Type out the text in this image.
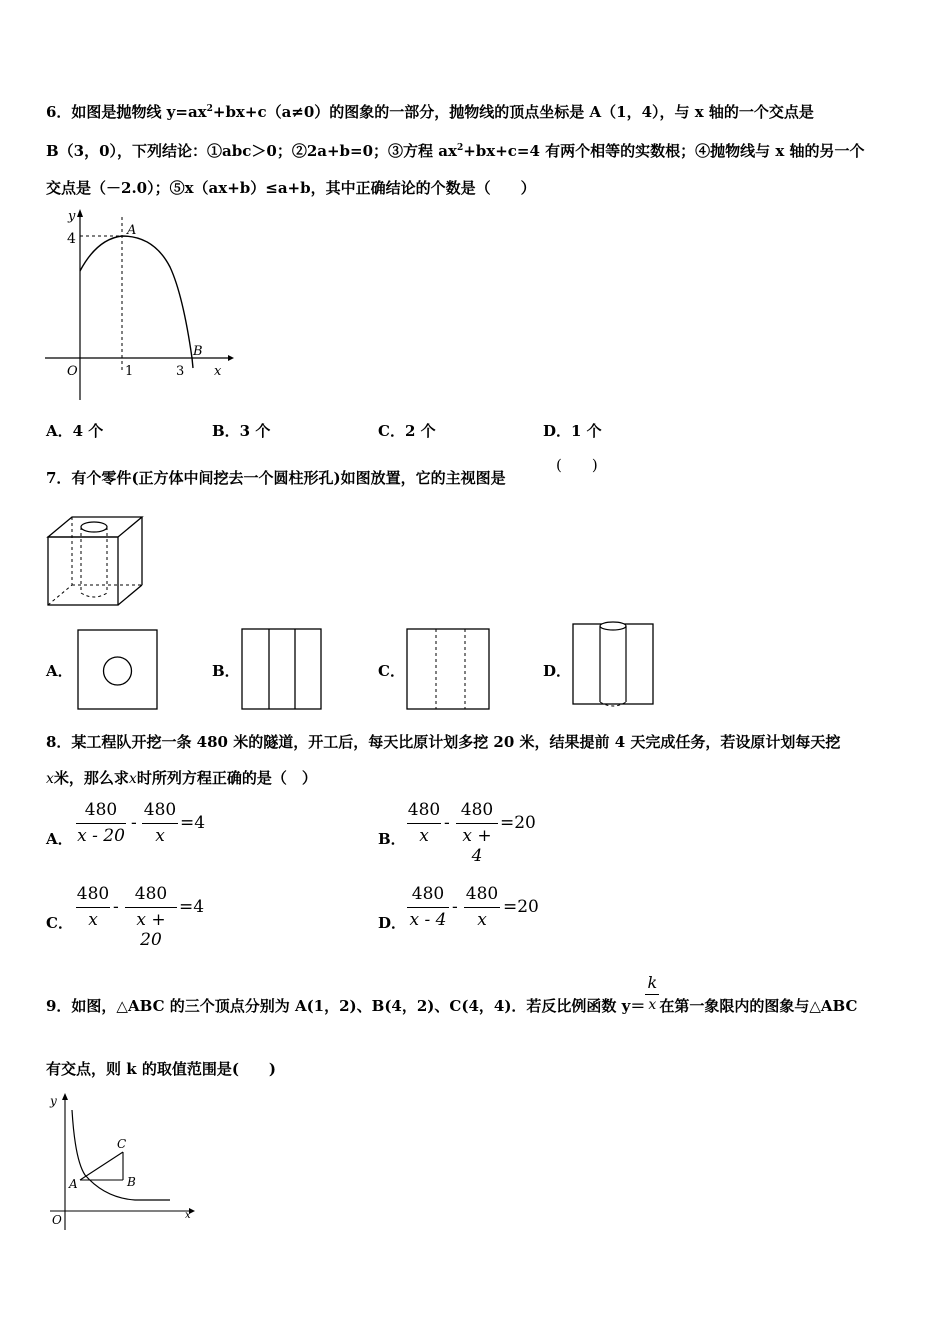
6．如图是抛物线 $y=ax^2+bx+c(a\ne 0)$的图象的一部分，抛物线的顶点坐标是 A（1，4），与 x 轴的一个交点是
B（3，0），下列结论：①abc＞0；②2a+b=0；③方程 $ax^2+bx+c=4$ 有两个相等的实数根；④抛物线与 x 轴的另一个
交点是（－2.0）；⑤x（ax+b）≤a+b，其中正确结论的个数是（　　）
y
4
A
B
O	1	3 x
A．4 个	B．3 个	C．2 个	D．1 个
7．有个零件(正方体中间挖去一个圆柱形孔)如图放置，它的主视图是
(　　)
A．	B．	C．	D．
8．某工程队开挖一条 480 米的隧道，开工后，每天比原计划多挖 20 米，结果提前 4 天完成任务，若设原计划每天挖
x米，那么求x时所列方程正确的是（　）
A．
480
x - 20
-
480
x
=4
B．
480
x
-
480
x + 4
=20
C．
480
x
-
480
x + 20
=4
D．
480
x - 4
-
480
x
=20
9．如图，△ABC 的三个顶点分别为 A(1，2)、B(4，2)、C(4，4)．若反比例函数 $y= \frac{k}{x}$ 在第一象限内的图象与△ABC
有交点，则 k 的取值范围是(　　)
y
C
A	B
O	x
